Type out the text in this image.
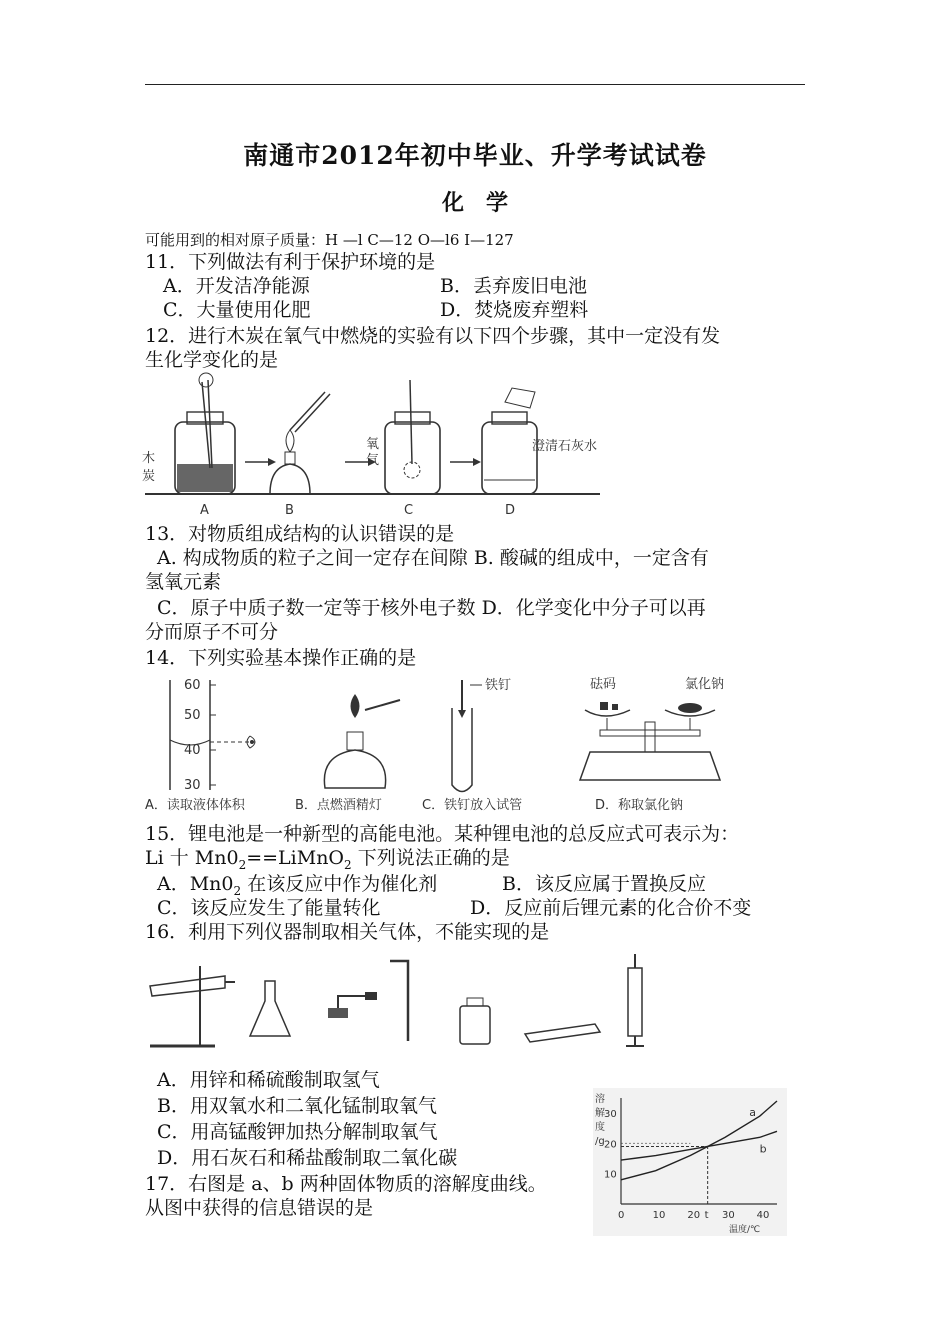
南通市2012年初中毕业、升学考试试卷
化　学
可能用到的相对原子质量：H —l C—12 O—l6 I—127
11．下列做法有利于保护环境的是
A．开发洁净能源	B．丢弃废旧电池
C．大量使用化肥	D．焚烧废弃塑料
12．进行木炭在氧气中燃烧的实验有以下四个步骤，其中一定没有发
生化学变化的是
木
炭
氧
气
澄清石灰水
A	B	C	D
13．对物质组成结构的认识错误的是
A. 构成物质的粒子之间一定存在间隙 B. 酸碱的组成中，一定含有
氢氧元素
C．原子中质子数一定等于核外电子数 D．化学变化中分子可以再
分而原子不可分
14．下列实验基本操作正确的是
60
50
40
30
铁钉	砝码	氯化钠
A．读取液体体积	B．点燃酒精灯	C．铁钉放入试管	D．称取氯化钠
15．锂电池是一种新型的高能电池。某种锂电池的总反应式可表示为：
Li 十 $Mn0_2==LiMnO_2$ 下列说法正确的是
A．$Mn0_2$ 在该反应中作为催化剂	B．该反应属于置换反应
C．该反应发生了能量转化	D．反应前后锂元素的化合价不变
16．利用下列仪器制取相关气体，不能实现的是
A．用锌和稀硫酸制取氢气
B．用双氧水和二氧化锰制取氧气
C．用高锰酸钾加热分解制取氧气
D．用石灰石和稀盐酸制取二氧化碳
17．右图是 a、b 两种固体物质的溶解度曲线。
从图中获得的信息错误的是	0	10 20 t 30 40
10
20
30
溶
解
度
/g
温度/℃
a
b
